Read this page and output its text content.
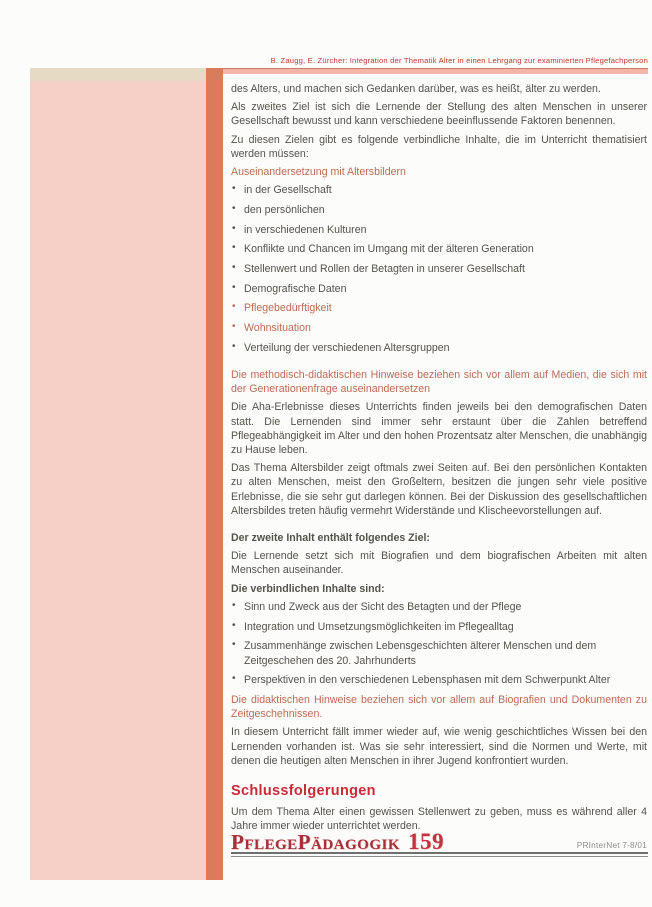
B. Zaugg, E. Zürcher: Integration der Thematik Alter in einen Lehrgang zur examinierten Pflegefachperson

des Alters, und machen sich Gedanken darüber, was es heißt, älter zu werden.

Als zweites Ziel ist sich die Lernende der Stellung des alten Menschen in unserer Gesellschaft bewusst und kann verschiedene beeinflussende Faktoren benennen.

Zu diesen Zielen gibt es folgende verbindliche Inhalte, die im Unterricht thematisiert werden müssen:

Auseinandersetzung mit Altersbildern

• in der Gesellschaft
• den persönlichen
• in verschiedenen Kulturen
• Konflikte und Chancen im Umgang mit der älteren Generation
• Stellenwert und Rollen der Betagten in unserer Gesellschaft
• Demografische Daten
• Pflegebedürftigkeit
• Wohnsituation
• Verteilung der verschiedenen Altersgruppen

Die methodisch-didaktischen Hinweise beziehen sich vor allem auf Medien, die sich mit der Generationenfrage auseinandersetzen

Die Aha-Erlebnisse dieses Unterrichts finden jeweils bei den demografischen Daten statt. Die Lernenden sind immer sehr erstaunt über die Zahlen betreffend Pflegeabhängigkeit im Alter und den hohen Prozentsatz alter Menschen, die unabhängig zu Hause leben.

Das Thema Altersbilder zeigt oftmals zwei Seiten auf. Bei den persönlichen Kontakten zu alten Menschen, meist den Großeltern, besitzen die jungen sehr viele positive Erlebnisse, die sie sehr gut darlegen können. Bei der Diskussion des gesellschaftlichen Altersbildes treten häufig vermehrt Widerstände und Klischeevorstellungen auf.

Der zweite Inhalt enthält folgendes Ziel:

Die Lernende setzt sich mit Biografien und dem biografischen Arbeiten mit alten Menschen auseinander.

Die verbindlichen Inhalte sind:

• Sinn und Zweck aus der Sicht des Betagten und der Pflege
• Integration und Umsetzungsmöglichkeiten im Pflegealltag
• Zusammenhänge zwischen Lebensgeschichten älterer Menschen und dem Zeitgeschehen des 20. Jahrhunderts
• Perspektiven in den verschiedenen Lebensphasen mit dem Schwerpunkt Alter

Die didaktischen Hinweise beziehen sich vor allem auf Biografien und Dokumenten zu Zeitgeschehnissen.

In diesem Unterricht fällt immer wieder auf, wie wenig geschichtliches Wissen bei den Lernenden vorhanden ist. Was sie sehr interessiert, sind die Normen und Werte, mit denen die heutigen alten Menschen in ihrer Jugend konfrontiert wurden.

Schlussfolgerungen

Um dem Thema Alter einen gewissen Stellenwert zu geben, muss es während aller 4 Jahre immer wieder unterrichtet werden.

PflegePädagogik 159	PRInterNet 7-8/01
